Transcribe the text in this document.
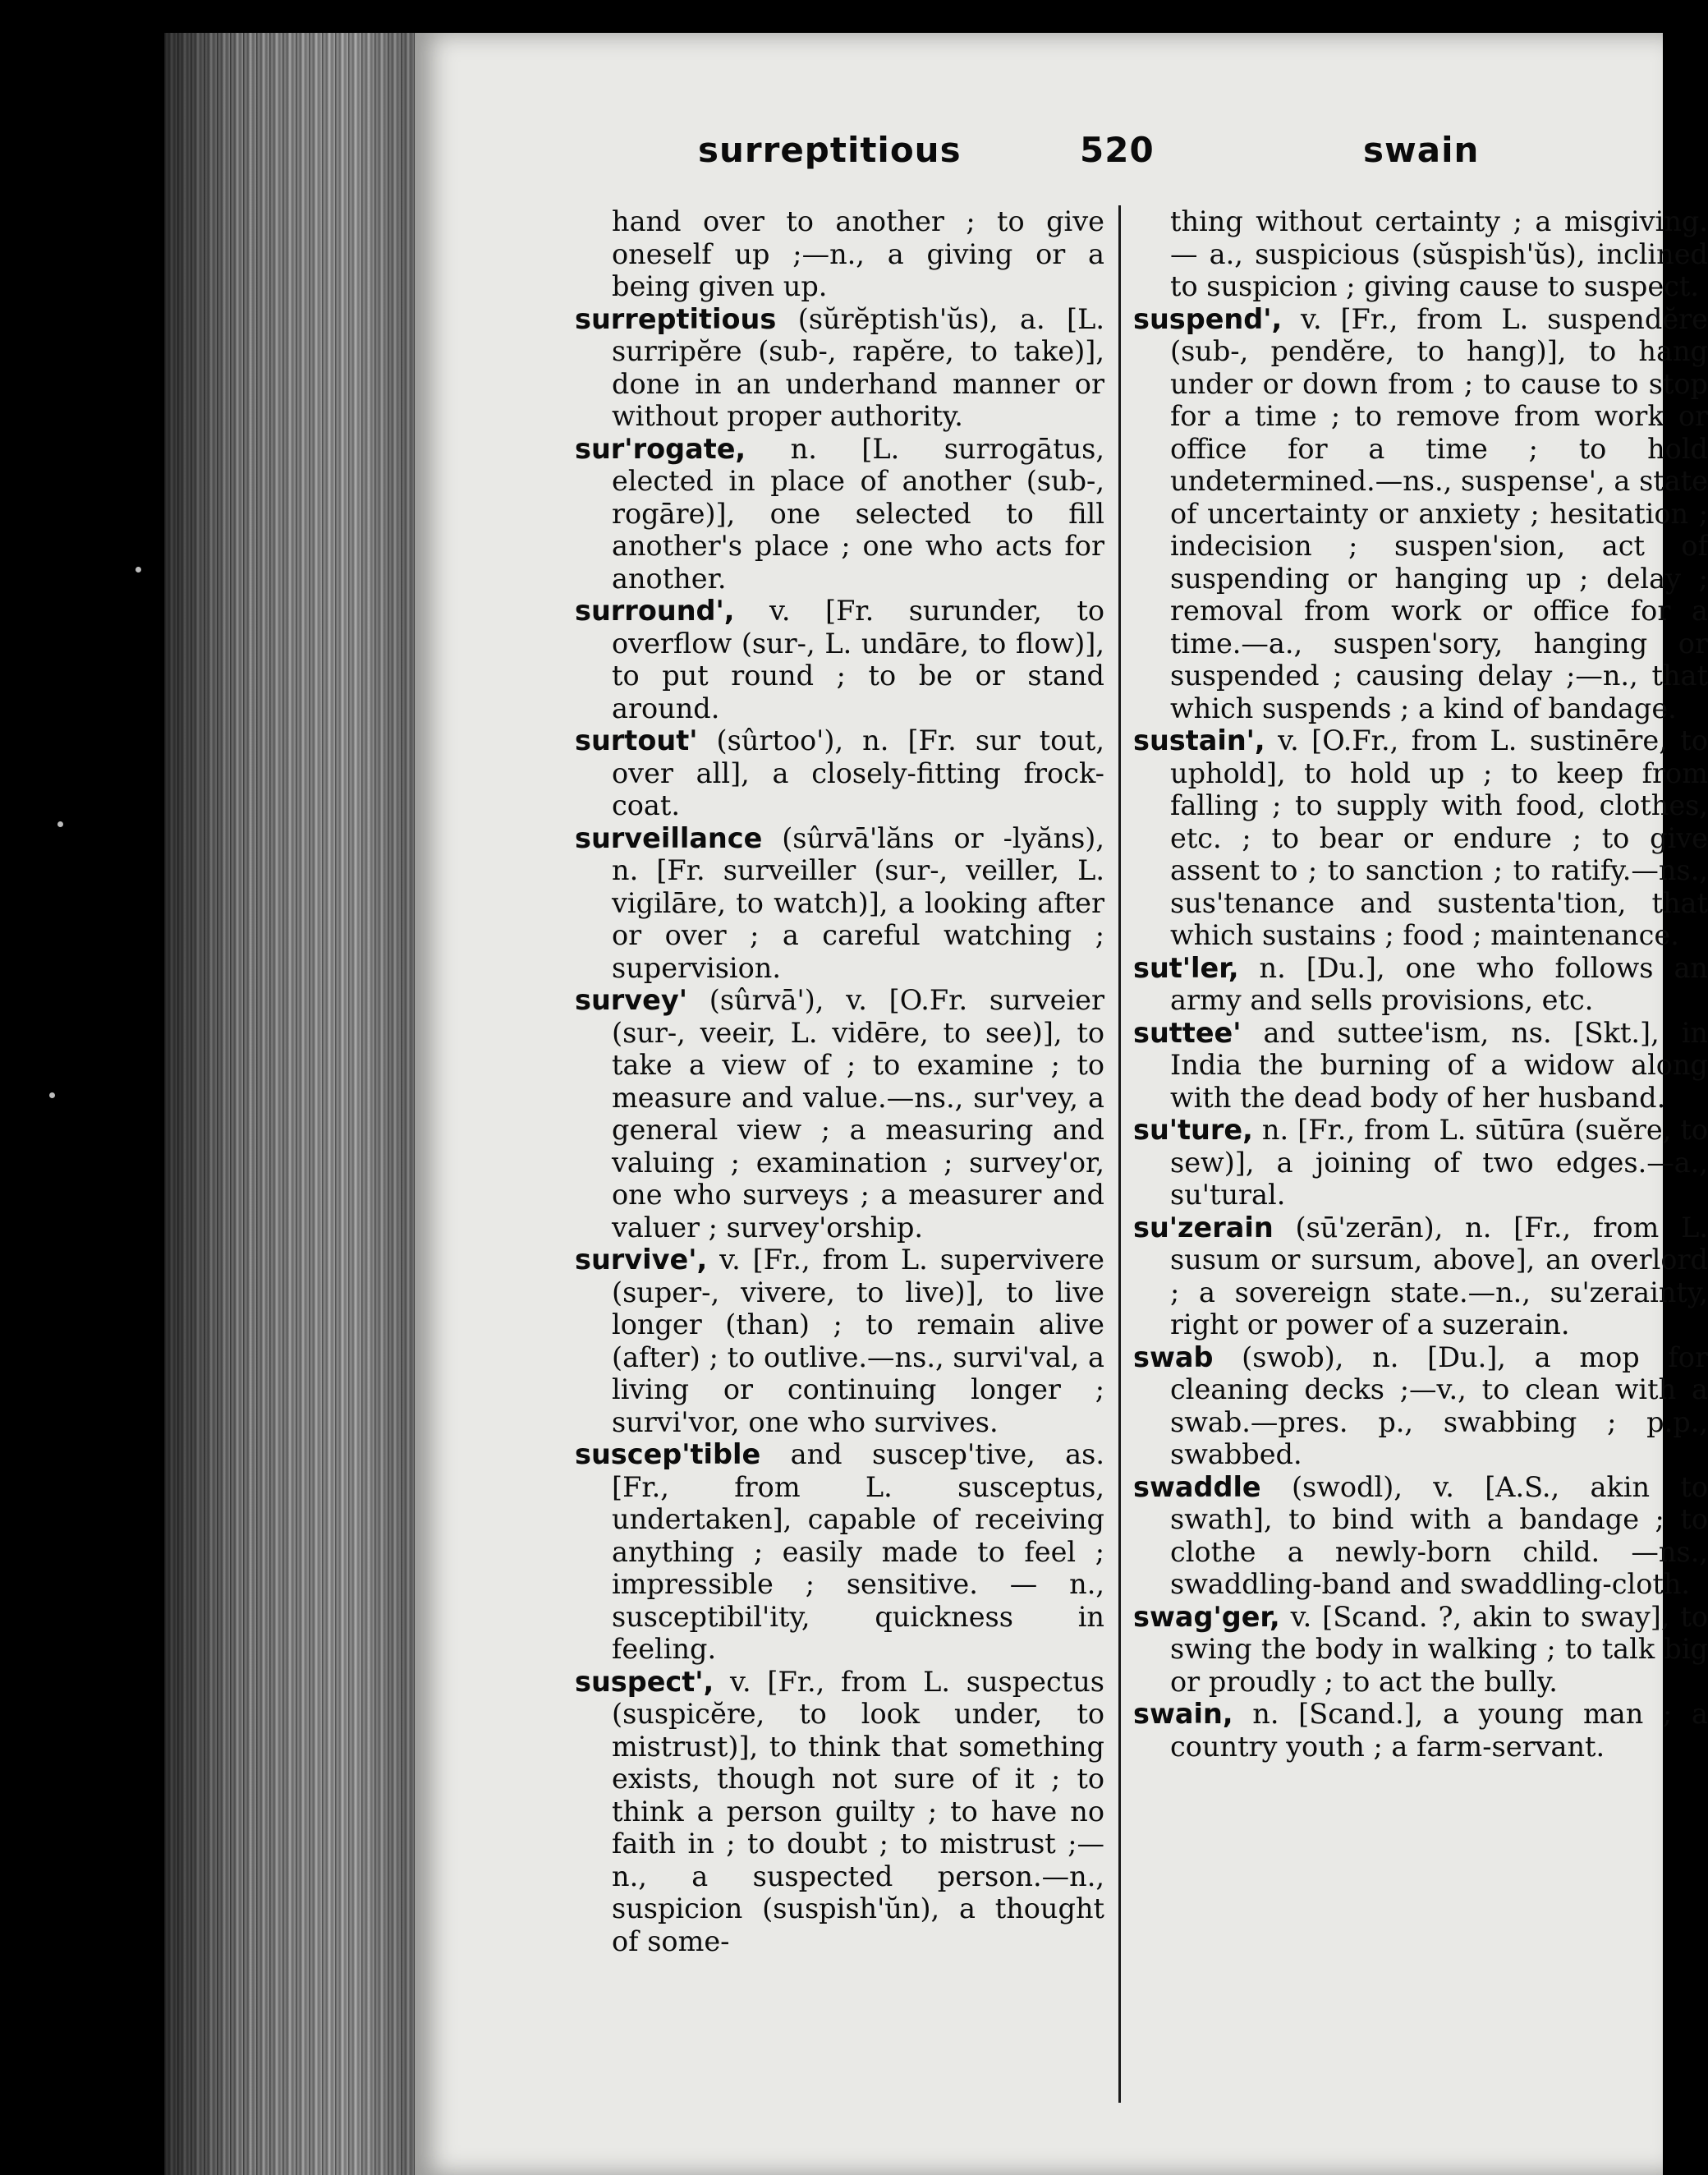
surreptitious	520	swain

hand over to another ; to give oneself up ;—n., a giving or a being given up.

surreptitious (sŭrĕptish'ŭs), a. [L. surripĕre (sub-, rapĕre, to take)], done in an underhand manner or without proper authority.

sur'rogate, n. [L. surrogātus, elected in place of another (sub-, rogāre)], one selected to fill another's place ; one who acts for another.

surround', v. [Fr. surunder, to overflow (sur-, L. undāre, to flow)], to put round ; to be or stand around.

surtout' (sûrtoo'), n. [Fr. sur tout, over all], a closely-fitting frock-coat.

surveillance (sûrvā'lăns or -lyăns), n. [Fr. surveiller (sur-, veiller, L. vigilāre, to watch)], a looking after or over ; a careful watching ; supervision.

survey' (sûrvā'), v. [O.Fr. surveier (sur-, veeir, L. vidēre, to see)], to take a view of ; to examine ; to measure and value.—ns., sur'vey, a general view ; a measuring and valuing ; examination ; survey'or, one who surveys ; a measurer and valuer ; survey'orship.

survive', v. [Fr., from L. supervivere (super-, vivere, to live)], to live longer (than) ; to remain alive (after) ; to outlive.—ns., survi'val, a living or continuing longer ; survi'vor, one who survives.

suscep'tible and suscep'tive, as. [Fr., from L. susceptus, undertaken], capable of receiving anything ; easily made to feel ; impressible ; sensitive. — n., susceptibil'ity, quickness in feeling.

suspect', v. [Fr., from L. suspectus (suspicĕre, to look under, to mistrust)], to think that something exists, though not sure of it ; to think a person guilty ; to have no faith in ; to doubt ; to mistrust ;—n., a suspected person.—n., suspicion (suspish'ŭn), a thought of some-

thing without certainty ; a misgiving. — a., suspicious (sŭspish'ŭs), inclined to suspicion ; giving cause to suspect.

suspend', v. [Fr., from L. suspendĕre (sub-, pendĕre, to hang)], to hang under or down from ; to cause to stop for a time ; to remove from work or office for a time ; to hold undetermined.—ns., suspense', a state of uncertainty or anxiety ; hesitation ; indecision ; suspen'sion, act of suspending or hanging up ; delay ; removal from work or office for a time.—a., suspen'sory, hanging or suspended ; causing delay ;—n., that which suspends ; a kind of bandage.

sustain', v. [O.Fr., from L. sustinēre, to uphold], to hold up ; to keep from falling ; to supply with food, clothes, etc. ; to bear or endure ; to give assent to ; to sanction ; to ratify.—ns., sus'tenance and sustenta'tion, that which sustains ; food ; maintenance.

sut'ler, n. [Du.], one who follows an army and sells provisions, etc.

suttee' and suttee'ism, ns. [Skt.], in India the burning of a widow along with the dead body of her husband.

su'ture, n. [Fr., from L. sūtūra (suĕre, to sew)], a joining of two edges.—a., su'tural.

su'zerain (sū'zerān), n. [Fr., from L. susum or sursum, above], an overlord ; a sovereign state.—n., su'zerainty, right or power of a suzerain.

swab (swob), n. [Du.], a mop for cleaning decks ;—v., to clean with a swab.—pres. p., swabbing ; p.p., swabbed.

swaddle (swodl), v. [A.S., akin to swath], to bind with a bandage ; to clothe a newly-born child. —ns., swaddling-band and swaddling-cloth.

swag'ger, v. [Scand. ?, akin to sway], to swing the body in walking ; to talk big or proudly ; to act the bully.

swain, n. [Scand.], a young man ; a country youth ; a farm-servant.
